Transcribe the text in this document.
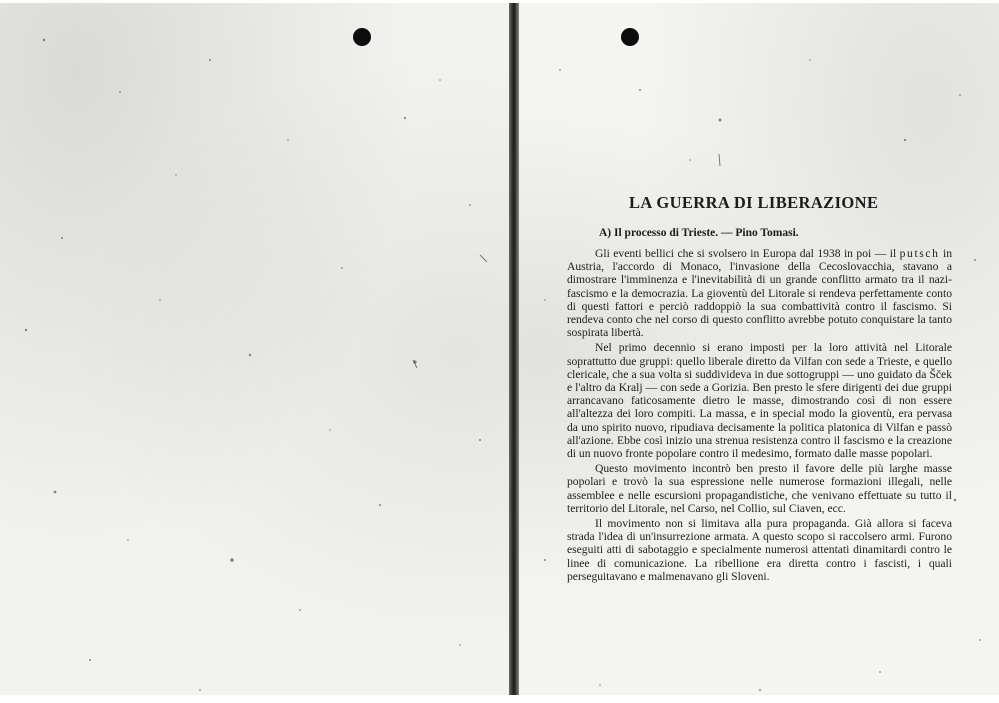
LA GUERRA DI LIBERAZIONE
A) Il processo di Trieste. — Pino Tomasi.

Gli eventi bellici che si svolsero in Europa dal 1938 in poi — il putsch in Austria, l'accordo di Monaco, l'invasione della Cecoslovacchia, stavano a dimostrare l'imminenza e l'inevitabilità di un grande conflitto armato tra il nazi-fascismo e la democrazia. La gioventù del Litorale si rendeva perfettamente conto di questi fattori e perciò raddoppiò la sua combattività contro il fascismo. Si rendeva conto che nel corso di questo conflitto avrebbe potuto conquistare la tanto sospirata libertà.

Nel primo decennio si erano imposti per la loro attività nel Litorale soprattutto due gruppi: quello liberale diretto da Vilfan con sede a Trieste, e quello clericale, che a sua volta si suddivideva in due sottogruppi — uno guidato da Šček e l'altro da Kralj — con sede a Gorizia. Ben presto le sfere dirigenti dei due gruppi arrancavano faticosamente dietro le masse, dimostrando così di non essere all'altezza dei loro compiti. La massa, e in special modo la gioventù, era pervasa da uno spirito nuovo, ripudiava decisamente la politica platonica di Vilfan e passò all'azione. Ebbe così inizio una strenua resistenza contro il fascismo e la creazione di un nuovo fronte popolare contro il medesimo, formato dalle masse popolari.

Questo movimento incontrò ben presto il favore delle più larghe masse popolari e trovò la sua espressione nelle numerose formazioni illegali, nelle assemblee e nelle escursioni propagandistiche, che venivano effettuate su tutto il territorio del Litorale, nel Carso, nel Collio, sul Ciaven, ecc.

Il movimento non si limitava alla pura propaganda. Già allora si faceva strada l'idea di un'insurrezione armata. A questo scopo si raccolsero armi. Furono eseguiti atti di sabotaggio e specialmente numerosi attentati dinamitardi contro le linee di comunicazione. La ribellione era diretta contro i fascisti, i quali perseguitavano e malmenavano gli Sloveni.
